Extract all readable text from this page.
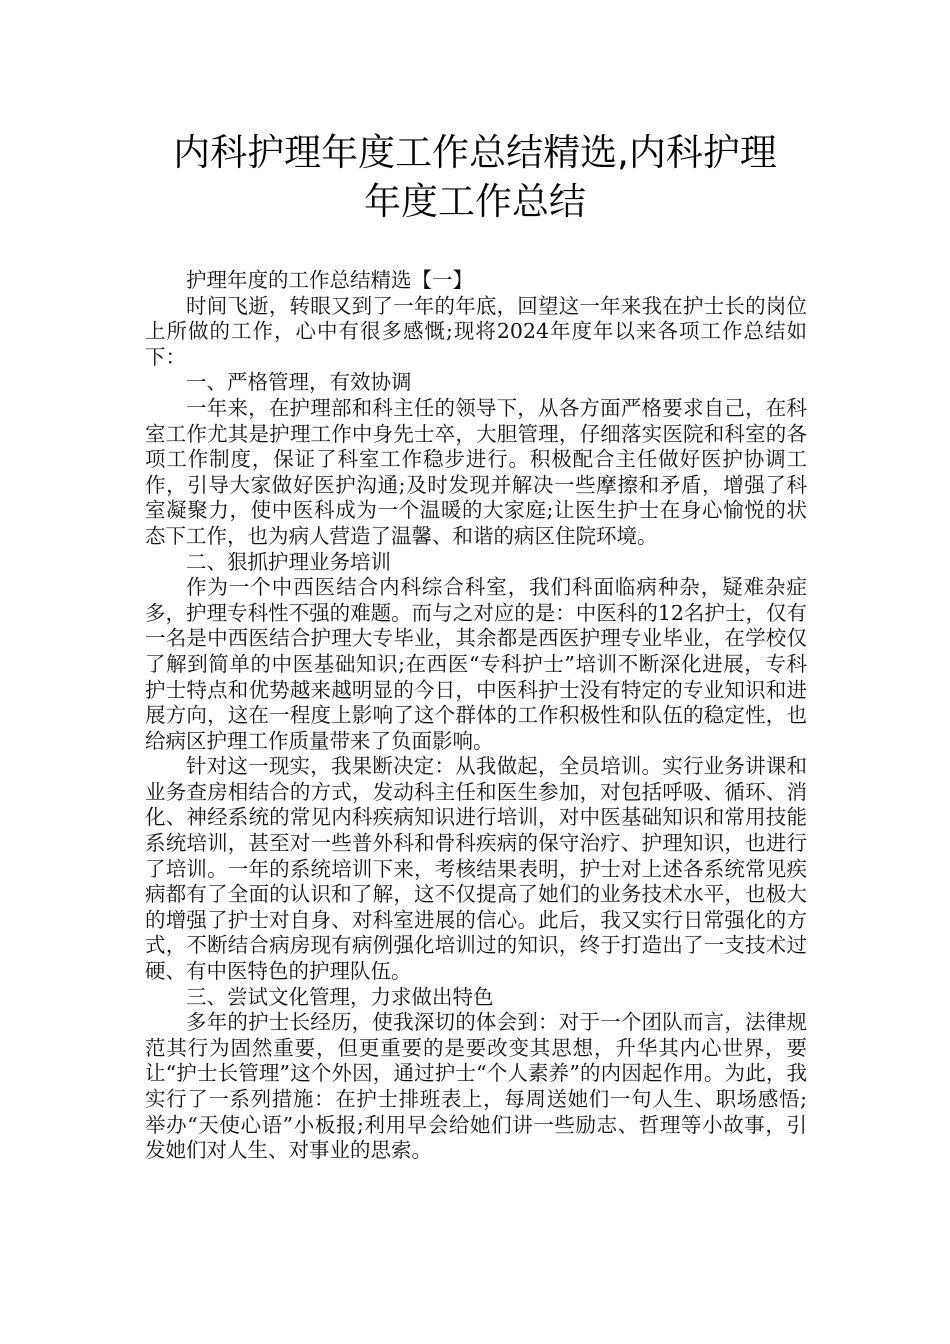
内科护理年度工作总结精选,内科护理
年度工作总结

护理年度的工作总结精选【一】

时间飞逝，转眼又到了一年的年底，回望这一年来我在护士长的岗位上所做的工作，心中有很多感慨;现将2024年度年以来各项工作总结如下：

一、严格管理，有效协调

一年来，在护理部和科主任的领导下，从各方面严格要求自己，在科室工作尤其是护理工作中身先士卒，大胆管理，仔细落实医院和科室的各项工作制度，保证了科室工作稳步进行。积极配合主任做好医护协调工作，引导大家做好医护沟通;及时发现并解决一些摩擦和矛盾，增强了科室凝聚力，使中医科成为一个温暖的大家庭;让医生护士在身心愉悦的状态下工作，也为病人营造了温馨、和谐的病区住院环境。

二、狠抓护理业务培训

作为一个中西医结合内科综合科室，我们科面临病种杂，疑难杂症多，护理专科性不强的难题。而与之对应的是：中医科的12名护士，仅有一名是中西医结合护理大专毕业，其余都是西医护理专业毕业，在学校仅了解到简单的中医基础知识;在西医“专科护士”培训不断深化进展，专科护士特点和优势越来越明显的今日，中医科护士没有特定的专业知识和进展方向，这在一程度上影响了这个群体的工作积极性和队伍的稳定性，也给病区护理工作质量带来了负面影响。

针对这一现实，我果断决定：从我做起，全员培训。实行业务讲课和业务查房相结合的方式，发动科主任和医生参加，对包括呼吸、循环、消化、神经系统的常见内科疾病知识进行培训，对中医基础知识和常用技能系统培训，甚至对一些普外科和骨科疾病的保守治疗、护理知识，也进行了培训。一年的系统培训下来，考核结果表明，护士对上述各系统常见疾病都有了全面的认识和了解，这不仅提高了她们的业务技术水平，也极大的增强了护士对自身、对科室进展的信心。此后，我又实行日常强化的方式，不断结合病房现有病例强化培训过的知识，终于打造出了一支技术过硬、有中医特色的护理队伍。

三、尝试文化管理，力求做出特色

多年的护士长经历，使我深切的体会到：对于一个团队而言，法律规范其行为固然重要，但更重要的是要改变其思想，升华其内心世界，要让“护士长管理”这个外因，通过护士“个人素养”的内因起作用。为此，我实行了一系列措施：在护士排班表上，每周送她们一句人生、职场感悟;举办“天使心语”小板报;利用早会给她们讲一些励志、哲理等小故事，引发她们对人生、对事业的思索。
